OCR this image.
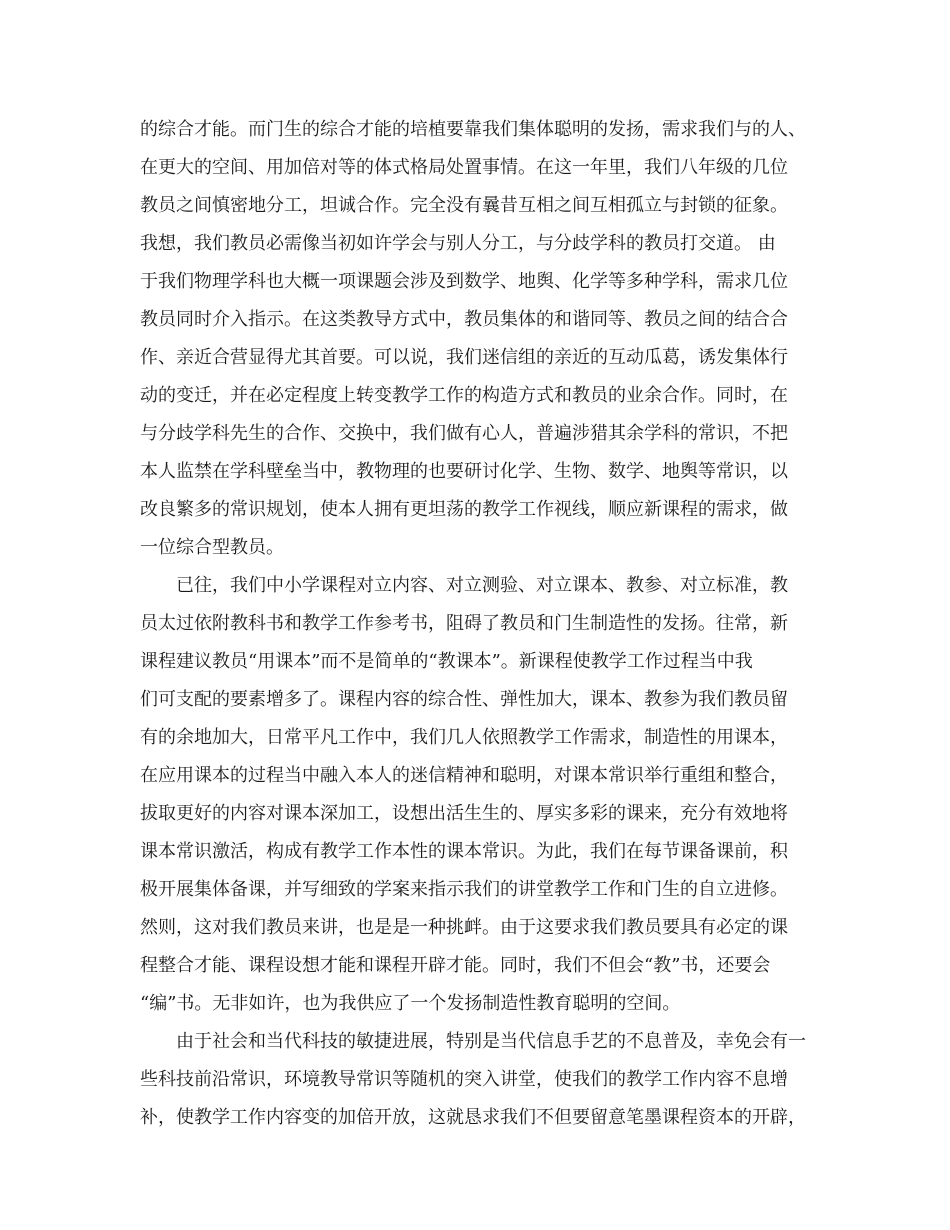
的综合才能。而门生的综合才能的培植要靠我们集体聪明的发扬，需求我们与的人、
在更大的空间、用加倍对等的体式格局处置事情。在这一年里，我们八年级的几位
教员之间慎密地分工，坦诚合作。完全没有曩昔互相之间互相孤立与封锁的征象。
我想，我们教员必需像当初如许学会与别人分工，与分歧学科的教员打交道。 由
于我们物理学科也大概一项课题会涉及到数学、地舆、化学等多种学科，需求几位
教员同时介入指示。在这类教导方式中，教员集体的和谐同等、教员之间的结合合
作、亲近合营显得尤其首要。可以说，我们迷信组的亲近的互动瓜葛，诱发集体行
动的变迁，并在必定程度上转变教学工作的构造方式和教员的业余合作。同时，在
与分歧学科先生的合作、交换中，我们做有心人，普遍涉猎其余学科的常识，不把
本人监禁在学科壁垒当中，教物理的也要研讨化学、生物、数学、地舆等常识，以
改良繁多的常识规划，使本人拥有更坦荡的教学工作视线，顺应新课程的需求，做
一位综合型教员。
已往，我们中小学课程对立内容、对立测验、对立课本、教参、对立标准，教
员太过依附教科书和教学工作参考书，阻碍了教员和门生制造性的发扬。往常，新
课程建议教员“用课本”而不是简单的“教课本”。新课程使教学工作过程当中我
们可支配的要素增多了。课程内容的综合性、弹性加大，课本、教参为我们教员留
有的余地加大，日常平凡工作中，我们几人依照教学工作需求，制造性的用课本，
在应用课本的过程当中融入本人的迷信精神和聪明，对课本常识举行重组和整合，
拔取更好的内容对课本深加工，设想出活生生的、厚实多彩的课来，充分有效地将
课本常识激活，构成有教学工作本性的课本常识。为此，我们在每节课备课前，积
极开展集体备课，并写细致的学案来指示我们的讲堂教学工作和门生的自立进修。
然则，这对我们教员来讲，也是是一种挑衅。由于这要求我们教员要具有必定的课
程整合才能、课程设想才能和课程开辟才能。同时，我们不但会“教”书，还要会
“编”书。无非如许，也为我供应了一个发扬制造性教育聪明的空间。
由于社会和当代科技的敏捷进展，特别是当代信息手艺的不息普及，幸免会有一
些科技前沿常识，环境教导常识等随机的突入讲堂，使我们的教学工作内容不息增
补，使教学工作内容变的加倍开放，这就恳求我们不但要留意笔墨课程资本的开辟，
